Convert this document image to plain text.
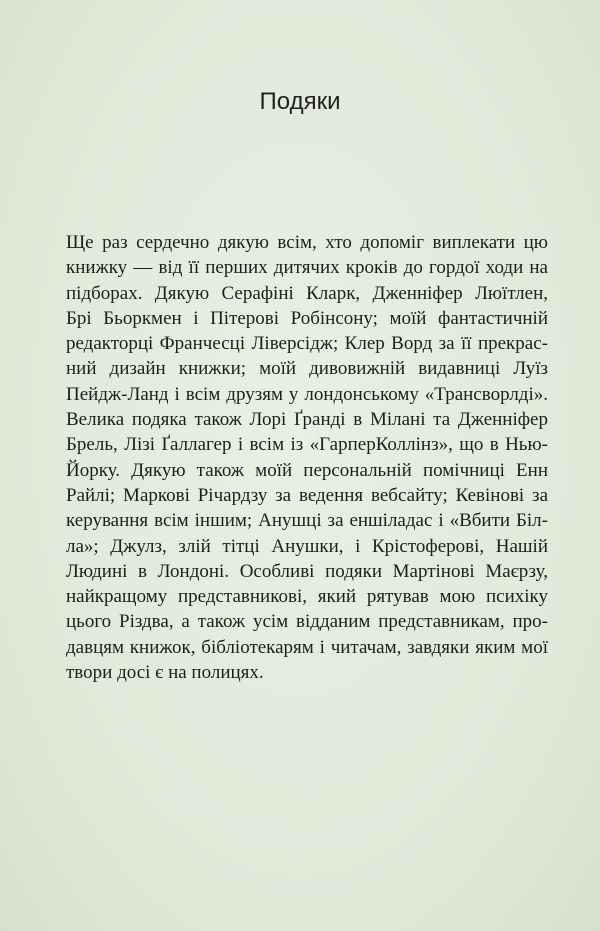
Подяки
Ще раз сердечно дякую всім, хто допоміг виплекати цю
книжку — від її перших дитячих кроків до гордої ходи на
підборах. Дякую Серафіні Кларк, Дженніфер Люїтлен,
Брі Бьоркмен і Пітерові Робінсону; моїй фантастичній
редакторці Франчесці Ліверсідж; Клер Ворд за її прекрас-
ний дизайн книжки; моїй дивовижній видавниці Луїз
Пейдж-Ланд і всім друзям у лондонському «Трансворлді».
Велика подяка також Лорі Ґранді в Мілані та Дженніфер
Брель, Лізі Ґаллагер і всім із «ГарперКоллінз», що в Нью-
Йорку. Дякую також моїй персональній помічниці Енн
Райлі; Маркові Річардзу за ведення вебсайту; Кевінові за
керування всім іншим; Анушці за еншіладас і «Вбити Біл-
ла»; Джулз, злій тітці Анушки, і Крістоферові, Нашій
Людині в Лондоні. Особливі подяки Мартінові Маєрзу,
найкращому представникові, який рятував мою психіку
цього Різдва, а також усім відданим представникам, про-
давцям книжок, бібліотекарям і читачам, завдяки яким мої
твори досі є на полицях.
